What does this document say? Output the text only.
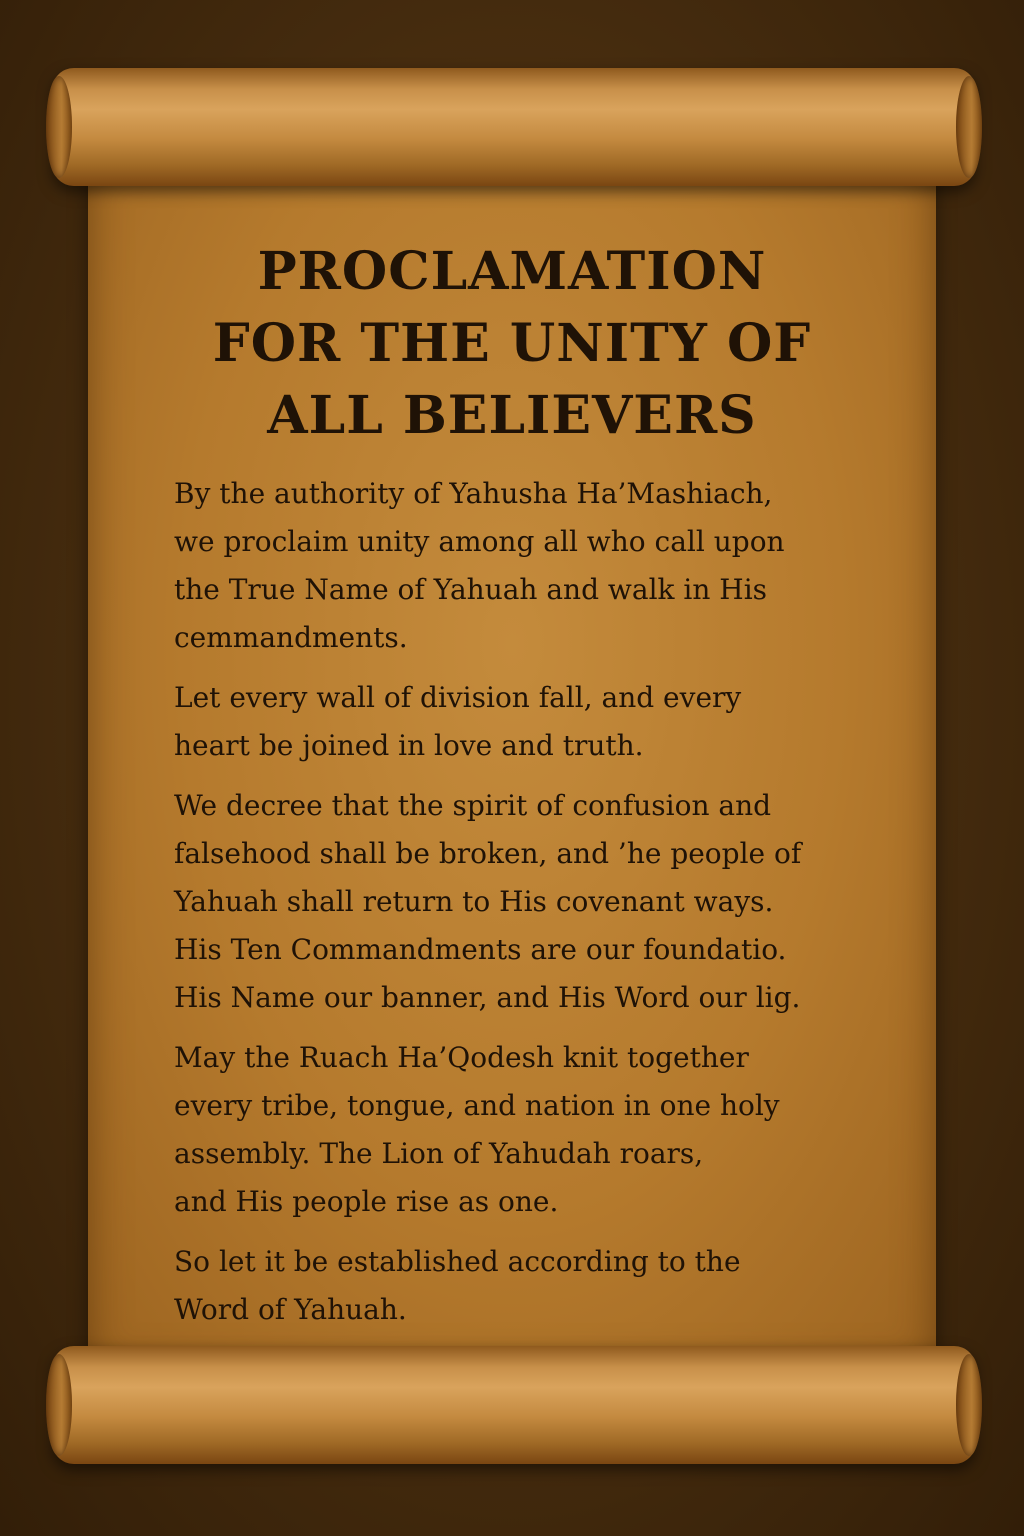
PROCLAMATION
FOR THE UNITY OF
ALL BELIEVERS

By the authority of Yahusha Ha’Mashiach,
we proclaim unity among all who call upon
the True Name of Yahuah and walk in His
cemmandments.

Let every wall of division fall, and every
heart be joined in love and truth.

We decree that the spirit of confusion and
falsehood shall be broken, and ’he people of
Yahuah shall return to His covenant ways.
His Ten Commandments are our foundatio.
His Name our banner, and His Word our lig.

May the Ruach Ha’Qodesh knit together
every tribe, tongue, and nation in one holy
assembly. The Lion of Yahudah roars,
and His people rise as one.

So let it be established according to the
Word of Yahuah.
